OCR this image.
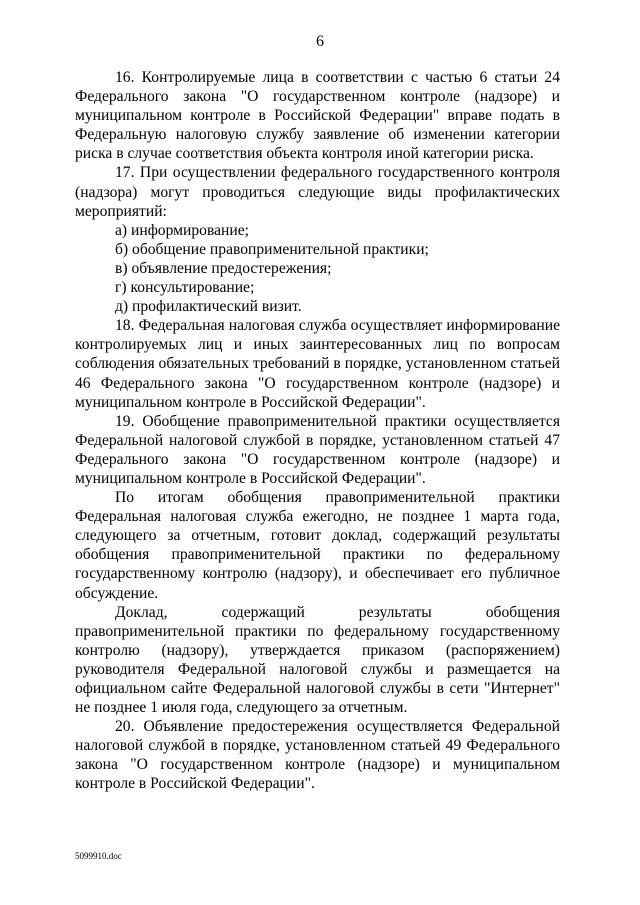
6

16. Контролируемые лица в соответствии с частью 6 статьи 24 Федерального закона "О государственном контроле (надзоре) и муниципальном контроле в Российской Федерации" вправе подать в Федеральную налоговую службу заявление об изменении категории риска в случае соответствия объекта контроля иной категории риска.

17. При осуществлении федерального государственного контроля (надзора) могут проводиться следующие виды профилактических мероприятий:

а) информирование;

б) обобщение правоприменительной практики;

в) объявление предостережения;

г) консультирование;

д) профилактический визит.

18. Федеральная налоговая служба осуществляет информирование контролируемых лиц и иных заинтересованных лиц по вопросам соблюдения обязательных требований в порядке, установленном статьей 46 Федерального закона "О государственном контроле (надзоре) и муниципальном контроле в Российской Федерации".

19. Обобщение правоприменительной практики осуществляется Федеральной налоговой службой в порядке, установленном статьей 47 Федерального закона "О государственном контроле (надзоре) и муниципальном контроле в Российской Федерации".

По итогам обобщения правоприменительной практики Федеральная налоговая служба ежегодно, не позднее 1 марта года, следующего за отчетным, готовит доклад, содержащий результаты обобщения правоприменительной практики по федеральному государственному контролю (надзору), и обеспечивает его публичное обсуждение.

Доклад, содержащий результаты обобщения правоприменительной практики по федеральному государственному контролю (надзору), утверждается приказом (распоряжением) руководителя Федеральной налоговой службы и размещается на официальном сайте Федеральной налоговой службы в сети "Интернет" не позднее 1 июля года, следующего за отчетным.

20. Объявление предостережения осуществляется Федеральной налоговой службой в порядке, установленном статьей 49 Федерального закона "О государственном контроле (надзоре) и муниципальном контроле в Российской Федерации".

5099910.doc
